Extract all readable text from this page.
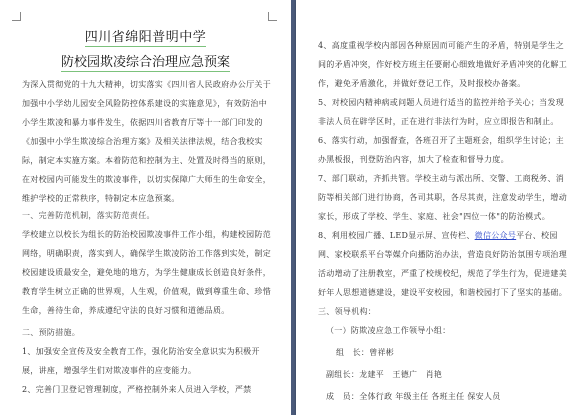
四川省绵阳普明中学
防校园欺凌综合治理应急预案
为深入贯彻党的十九大精神，切实落实《四川省人民政府办公厅关于加强中小学幼儿园安全风险防控体系建设的实施意见》，有效防治中小学生欺凌和暴力事件发生，依据四川省教育厅等十一部门印发的《加强中小学生欺凌综合治理方案》及相关法律法规，结合我校实际，制定本实施方案。本着防范和控制为主、处置及时得当的原则，在对校园内可能发生的欺凌事件，以切实保障广大师生的生命安全，维护学校的正常秩序，特制定本应急预案。
一、完善防范机制，落实防范责任。
学校建立以校长为组长的防治校园欺凌事件工作小组，构建校园防范网络，明确职责，落实到人，确保学生欺凌防治工作落到实处，制定校园建设质最安全，避免地的地方，为学生健康成长创造良好条件，教育学生树立正确的世界观，人生观，价值观，做到尊重生命、珍惜生命，善待生命，养成遵纪守法的良好习惯和道德品质。
二、预防措施。
1、加强安全宣传及安全教育工作，强化防治安全意识实为积极开展，讲座，增强学生们对欺凌事件的应变能力。
2、完善门卫登记管理制度，严格控制外来人员进入学校，严禁
4、高度重视学校内部因各种原因而可能产生的矛盾，特别是学生之间的矛盾冲突，作好校方班主任要耐心细致地做好矛盾冲突的化解工作，避免矛盾激化，并做好登记工作，及时报校办备案。
5、对校园内精神病或问题人员进行适当的监控并给予关心；当发现非法人员在辟学区时，正在进行非法行为时，应立即报告和制止。
6、落实行动，加强督查，各班召开了主题班会，组织学生讨论；主办黑板报，刊登防治内容，加大了检查和督导力度。
7、部门联动，齐抓共管。学校主动与派出所、交警、工商税务、消防等相关部门进行协商，各司其职，各尽其责，注意发动学生，增动家长，形成了学校、学生、家庭、社会"四位一体"的防治模式。
8、利用校园广播、LED显示屏、宣传栏、微信公众号平台、校园网、家校联系平台等媒介向播防治办法，营造良好防治氛围专项治理活动增动了注册教室，严重了校规校纪，规范了学生行为，促进建美好年人思想道德建设，建设平安校园，和谐校园打下了坚实的基础。
三、领导机构：
（一）防欺凌应急工作领导小组：
组　长：曾祥彬
副组长：龙建平　王德广　肖艳
成　员：全体行政 年级主任 各班主任 保安人员
